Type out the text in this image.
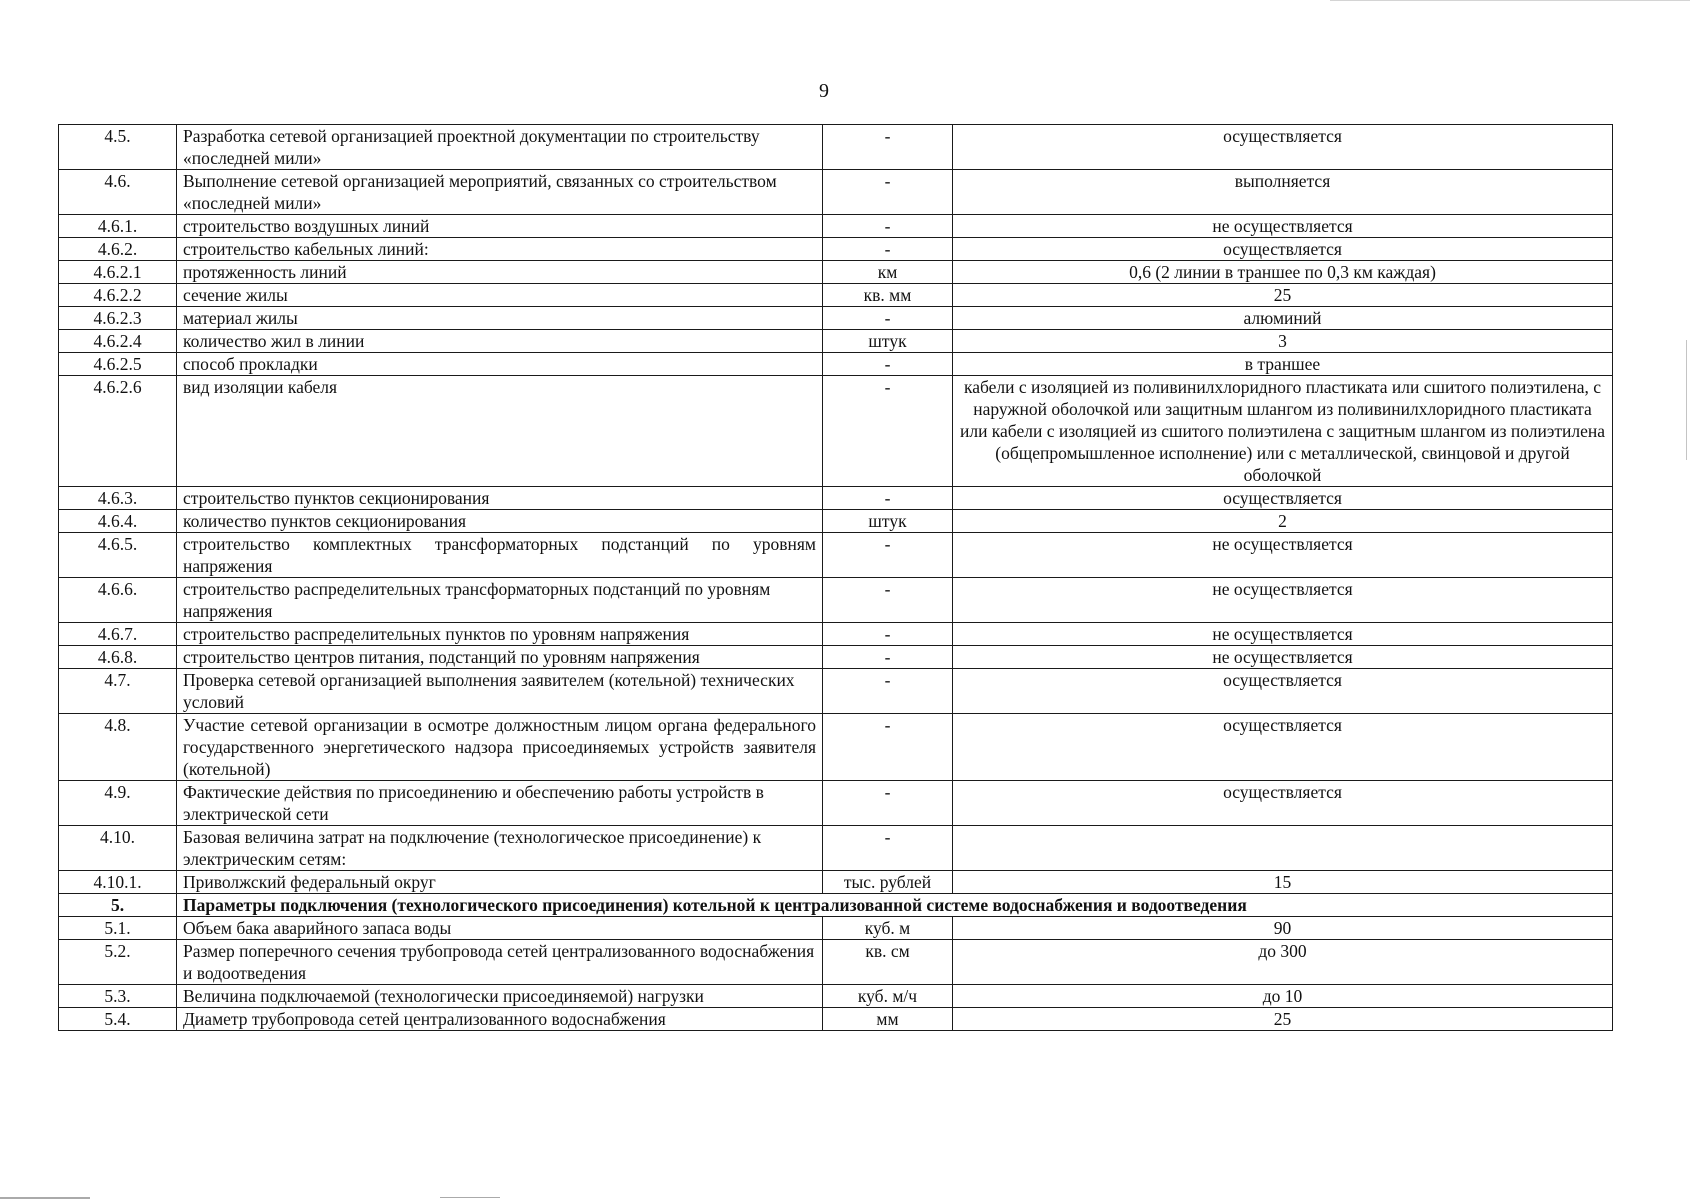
9
4.5.	Разработка сетевой организацией проектной документации по строительству «последней мили»	-	осуществляется
4.6.	Выполнение сетевой организацией мероприятий, связанных со строительством «последней мили»	-	выполняется
4.6.1.	строительство воздушных линий	-	не осуществляется
4.6.2.	строительство кабельных линий:	-	осуществляется
4.6.2.1	протяженность линий	км	0,6 (2 линии в траншее по 0,3 км каждая)
4.6.2.2	сечение жилы	кв. мм	25
4.6.2.3	материал жилы	-	алюминий
4.6.2.4	количество жил в линии	штук	3
4.6.2.5	способ прокладки	-	в траншее
4.6.2.6	вид изоляции кабеля	-	кабели с изоляцией из поливинилхлоридного пластиката или сшитого полиэтилена, с наружной оболочкой или защитным шлангом из поливинилхлоридного пластиката или кабели с изоляцией из сшитого полиэтилена с защитным шлангом из полиэтилена (общепромышленное исполнение) или с металлической, свинцовой и другой оболочкой
4.6.3.	строительство пунктов секционирования	-	осуществляется
4.6.4.	количество пунктов секционирования	штук	2
4.6.5.	строительство комплектных трансформаторных подстанций по уровням напряжения	-	не осуществляется
4.6.6.	строительство распределительных трансформаторных подстанций по уровням напряжения	-	не осуществляется
4.6.7.	строительство распределительных пунктов по уровням напряжения	-	не осуществляется
4.6.8.	строительство центров питания, подстанций по уровням напряжения	-	не осуществляется
4.7.	Проверка сетевой организацией выполнения заявителем (котельной) технических условий	-	осуществляется
4.8.	Участие сетевой организации в осмотре должностным лицом органа федерального государственного энергетического надзора присоединяемых устройств заявителя (котельной)	-	осуществляется
4.9.	Фактические действия по присоединению и обеспечению работы устройств в электрической сети	-	осуществляется
4.10.	Базовая величина затрат на подключение (технологическое присоединение) к электрическим сетям:	-	
4.10.1.	Приволжский федеральный округ	тыс. рублей	15
5.	Параметры подключения (технологического присоединения) котельной к централизованной системе водоснабжения и водоотведения		
5.1.	Объем бака аварийного запаса воды	куб. м	90
5.2.	Размер поперечного сечения трубопровода сетей централизованного водоснабжения и водоотведения	кв. см	до 300
5.3.	Величина подключаемой (технологически присоединяемой) нагрузки	куб. м/ч	до 10
5.4.	Диаметр трубопровода сетей централизованного водоснабжения	мм	25
